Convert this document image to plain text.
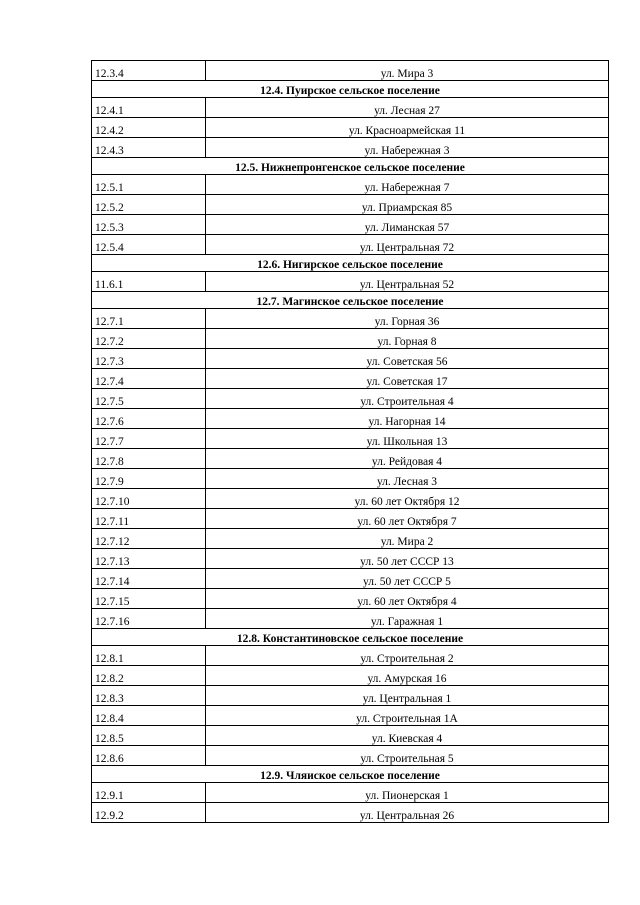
12.3.4	ул. Мира 3
12.4. Пуирское сельское поселение	
12.4.1	ул. Лесная 27
12.4.2	ул. Красноармейская 11
12.4.3	ул. Набережная 3
12.5. Нижнепронгенское сельское поселение	
12.5.1	ул. Набережная 7
12.5.2	ул. Приамрская 85
12.5.3	ул. Лиманская 57
12.5.4	ул. Центральная 72
12.6. Нигирское сельское поселение	
11.6.1	ул. Центральная 52
12.7. Магинское сельское поселение	
12.7.1	ул. Горная 36
12.7.2	ул. Горная 8
12.7.3	ул. Советская 56
12.7.4	ул. Советская 17
12.7.5	ул. Строительная 4
12.7.6	ул. Нагорная 14
12.7.7	ул. Школьная 13
12.7.8	ул. Рейдовая 4
12.7.9	ул. Лесная 3
12.7.10	ул. 60 лет Октября 12
12.7.11	ул. 60 лет Октября 7
12.7.12	ул. Мира 2
12.7.13	ул. 50 лет СССР 13
12.7.14	ул. 50 лет СССР 5
12.7.15	ул. 60 лет Октября 4
12.7.16	ул. Гаражная 1
12.8. Константиновское сельское поселение	
12.8.1	ул. Строительная 2
12.8.2	ул. Амурская 16
12.8.3	ул. Центральная 1
12.8.4	ул. Строительная 1А
12.8.5	ул. Киевская 4
12.8.6	ул. Строительная 5
12.9. Чляиское сельское поселение	
12.9.1	ул. Пионерская 1
12.9.2	ул. Центральная 26
